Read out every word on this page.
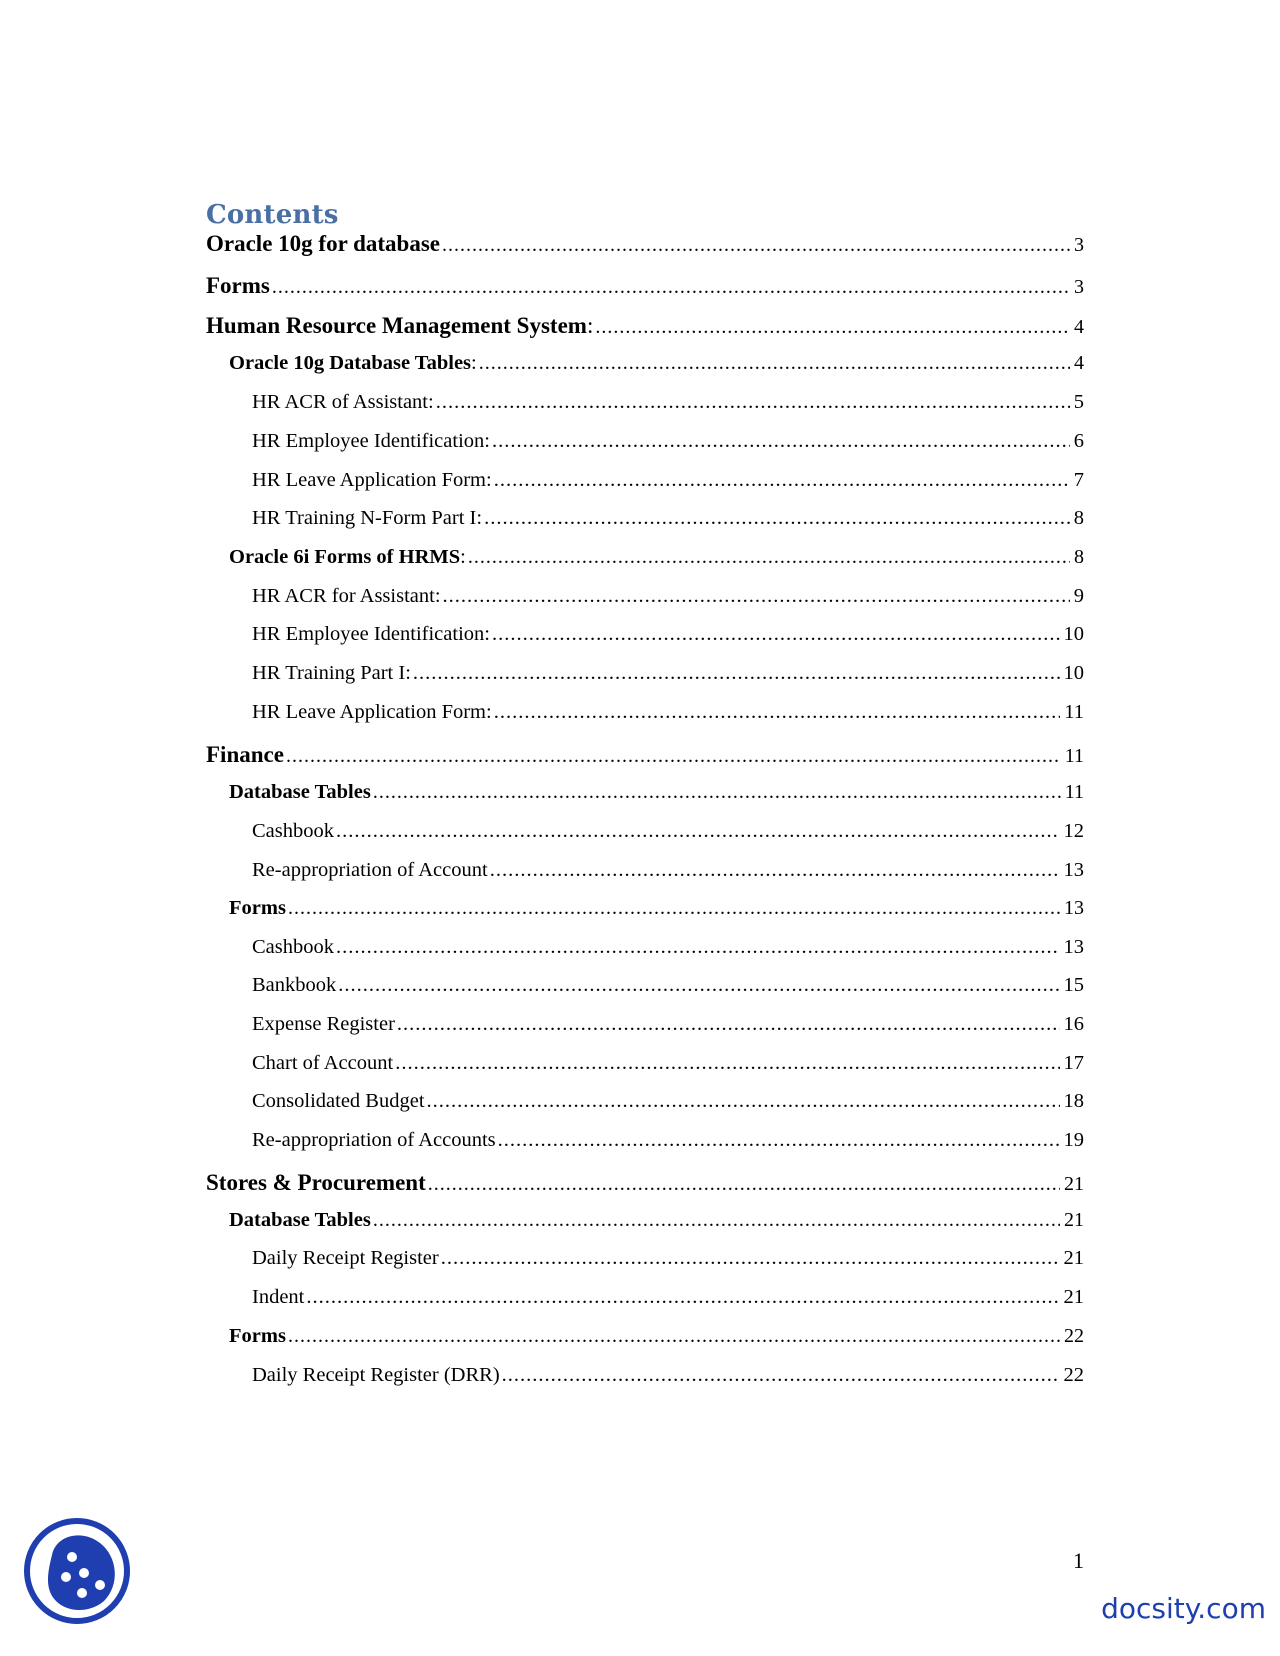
Contents
Oracle 10g for database .....	3
Forms .....	3
Human Resource Management System : .....	4
Oracle 10g Database Tables : .....	4
HR ACR of Assistant: .....	5
HR Employee Identification: .....	6
HR Leave Application Form: .....	7
HR Training N-Form Part I: .....	8
Oracle 6i Forms of HRMS : .....	8
HR ACR for Assistant: .....	9
HR Employee Identification: .....	10
HR Training Part I: .....	10
HR Leave Application Form: .....	11
Finance .....	11
Database Tables .....	11
Cashbook .....	12
Re-appropriation of Account .....	13
Forms .....	13
Cashbook .....	13
Bankbook .....	15
Expense Register .....	16
Chart of Account .....	17
Consolidated Budget .....	18
Re-appropriation of Accounts .....	19
Stores & Procurement .....	21
Database Tables .....	21
Daily Receipt Register .....	21
Indent .....	21
Forms .....	22
Daily Receipt Register (DRR) .....	22
1
docsity.com
